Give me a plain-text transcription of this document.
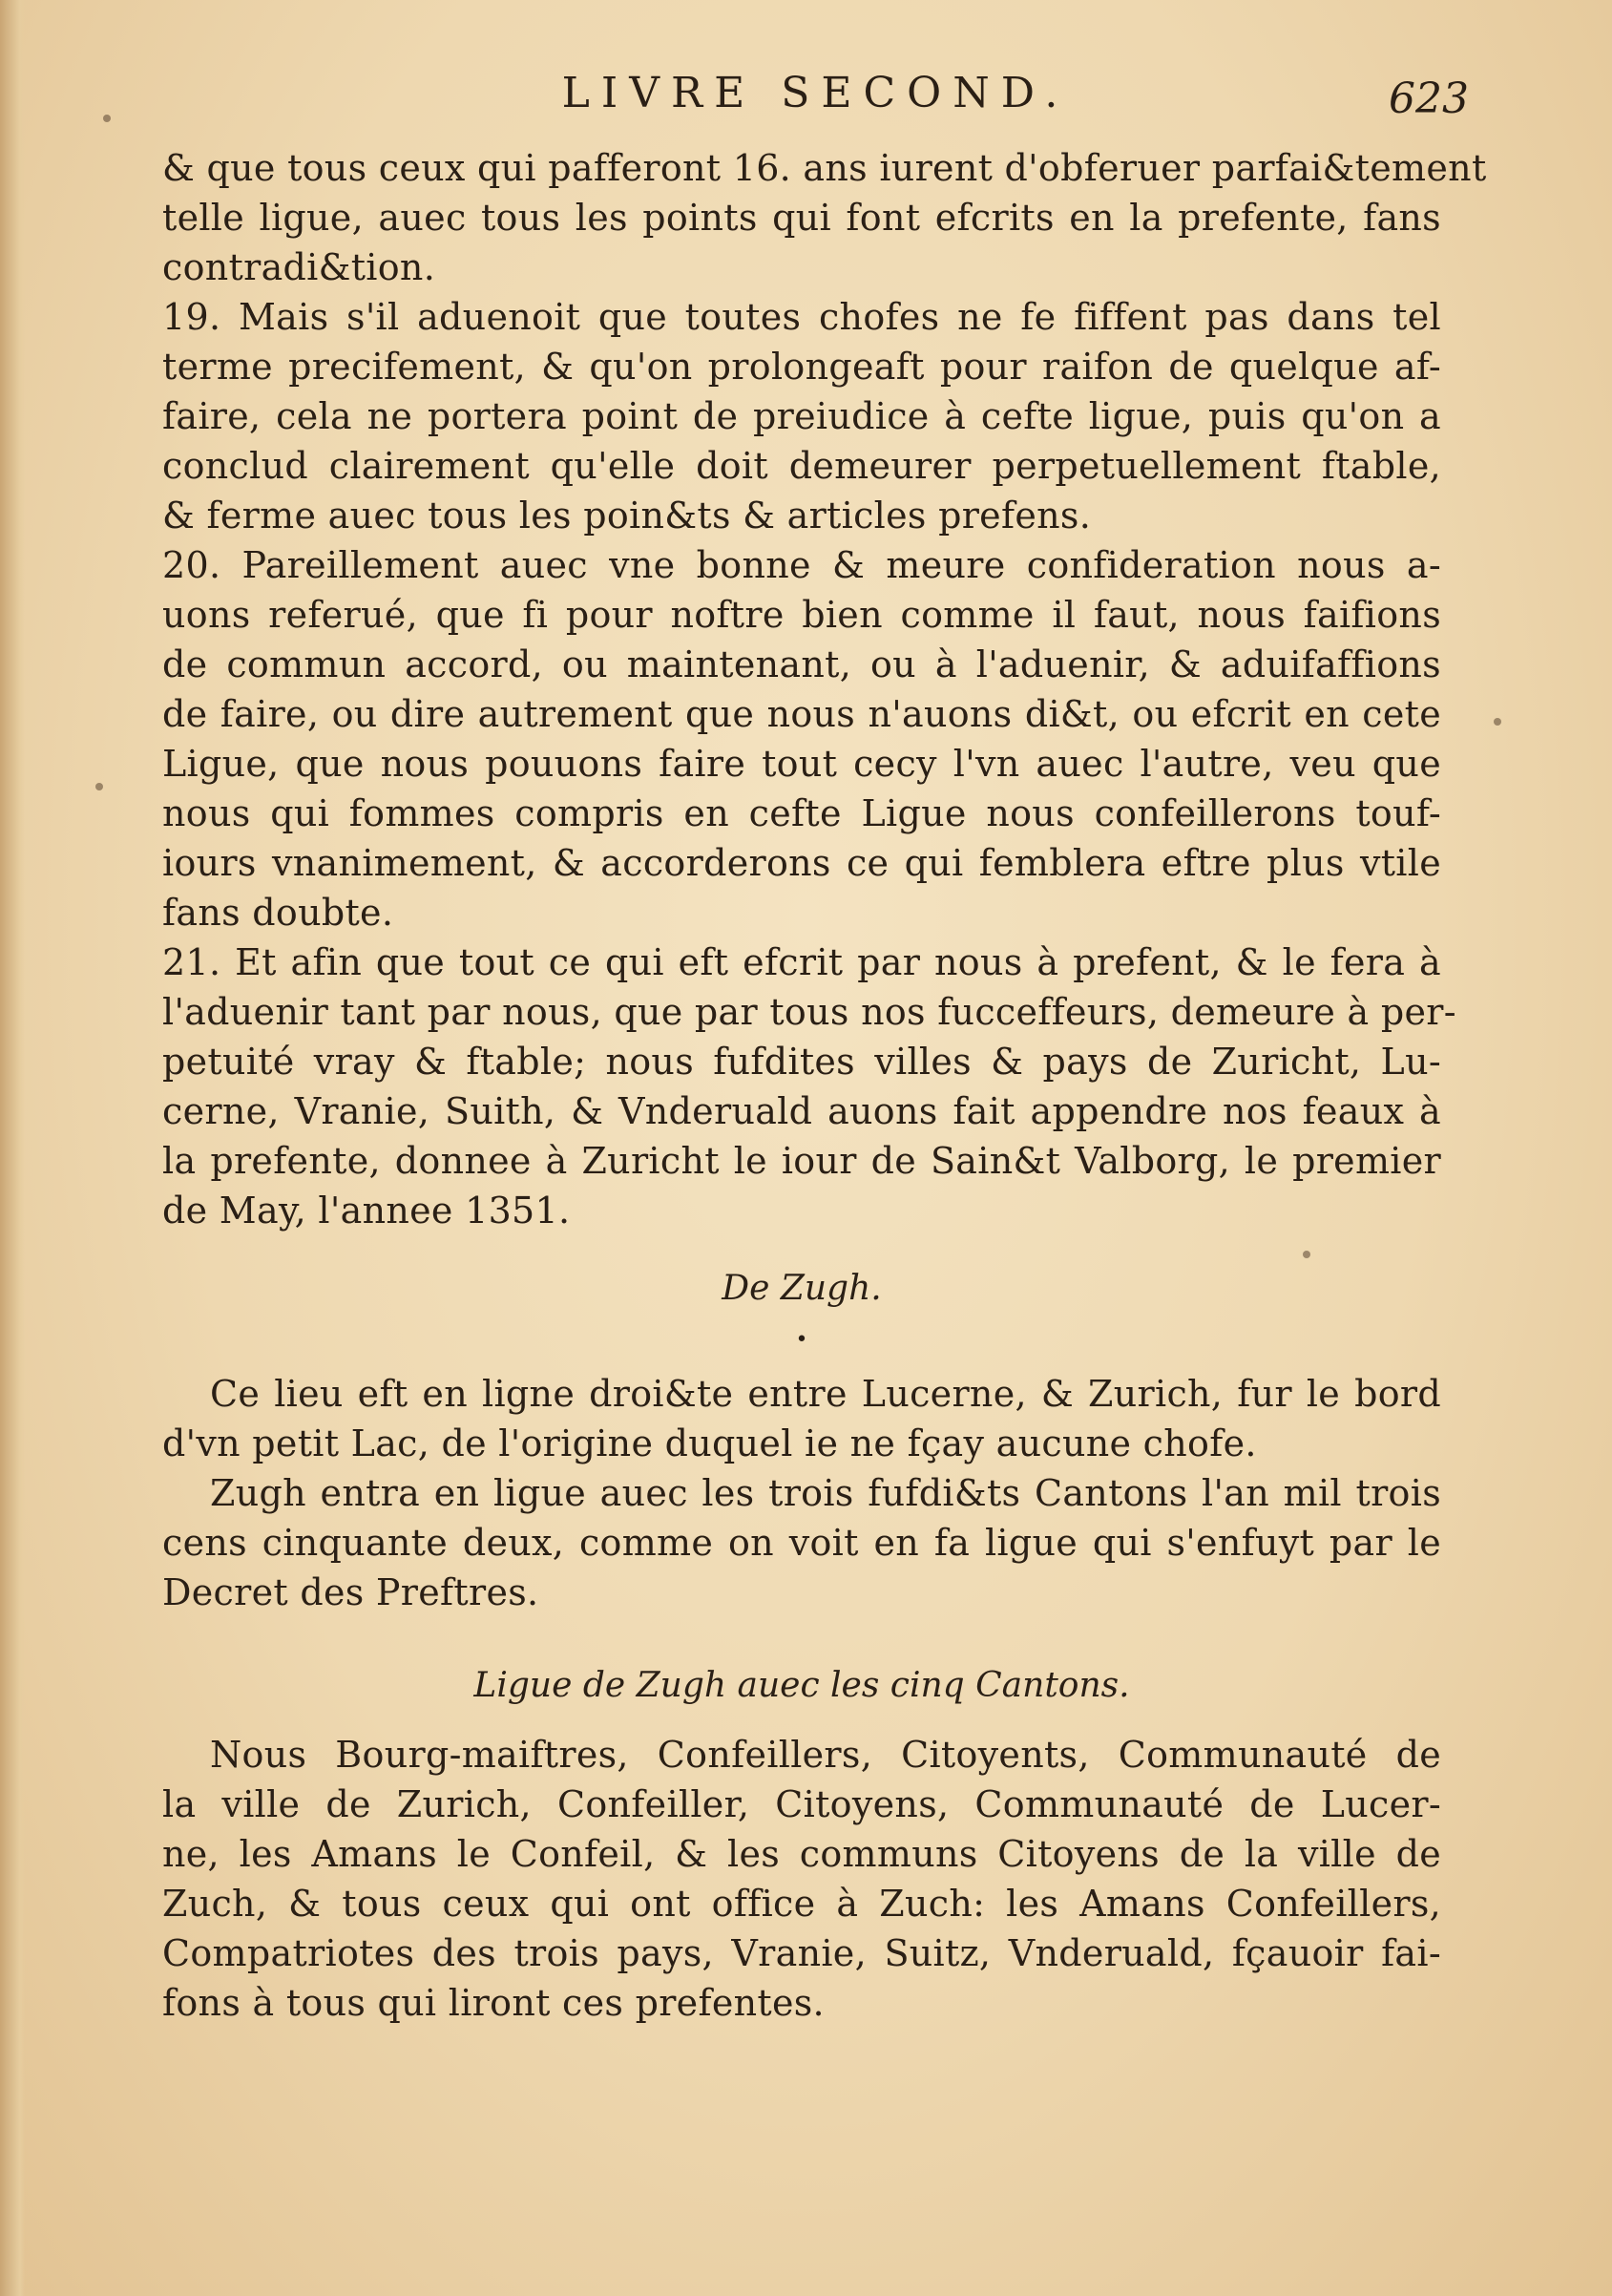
LIVRE SECOND.	623
& que tous ceux qui pafferont 16. ans iurent d'obferuer parfai&tement
telle ligue, auec tous les points qui font efcrits en la prefente, fans
contradi&tion.
19. Mais s'il aduenoit que toutes chofes ne fe fiffent pas dans tel
terme precifement, & qu'on prolongeaft pour raifon de quelque af-
faire, cela ne portera point de preiudice à cefte ligue, puis qu'on a
conclud clairement qu'elle doit demeurer perpetuellement ftable,
& ferme auec tous les poin&ts & articles prefens.
20. Pareillement auec vne bonne & meure confideration nous a-
uons referué, que fi pour noftre bien comme il faut, nous faifions
de commun accord, ou maintenant, ou à l'aduenir, & aduifaffions
de faire, ou dire autrement que nous n'auons di&t, ou efcrit en cete
Ligue, que nous pouuons faire tout cecy l'vn auec l'autre, veu que
nous qui fommes compris en cefte Ligue nous confeillerons touf-
iours vnanimement, & accorderons ce qui femblera eftre plus vtile
fans doubte.
21. Et afin que tout ce qui eft efcrit par nous à prefent, & le fera à
l'aduenir tant par nous, que par tous nos fucceffeurs, demeure à per-
petuité vray & ftable; nous fufdites villes & pays de Zuricht, Lu-
cerne, Vranie, Suith, & Vnderuald auons fait appendre nos feaux à
la prefente, donnee à Zuricht le iour de Sain&t Valborg, le premier
de May, l'annee 1351.
De Zugh.
•
Ce lieu eft en ligne droi&te entre Lucerne, & Zurich, fur le bord
d'vn petit Lac, de l'origine duquel ie ne fçay aucune chofe.
Zugh entra en ligue auec les trois fufdi&ts Cantons l'an mil trois
cens cinquante deux, comme on voit en fa ligue qui s'enfuyt par le
Decret des Preftres.
Ligue de Zugh auec les cinq Cantons.
Nous Bourg-maiftres, Confeillers, Citoyents, Communauté de
la ville de Zurich, Confeiller, Citoyens, Communauté de Lucer-
ne, les Amans le Confeil, & les communs Citoyens de la ville de
Zuch, & tous ceux qui ont office à Zuch: les Amans Confeillers,
Compatriotes des trois pays, Vranie, Suitz, Vnderuald, fçauoir fai-
fons à tous qui liront ces prefentes.
